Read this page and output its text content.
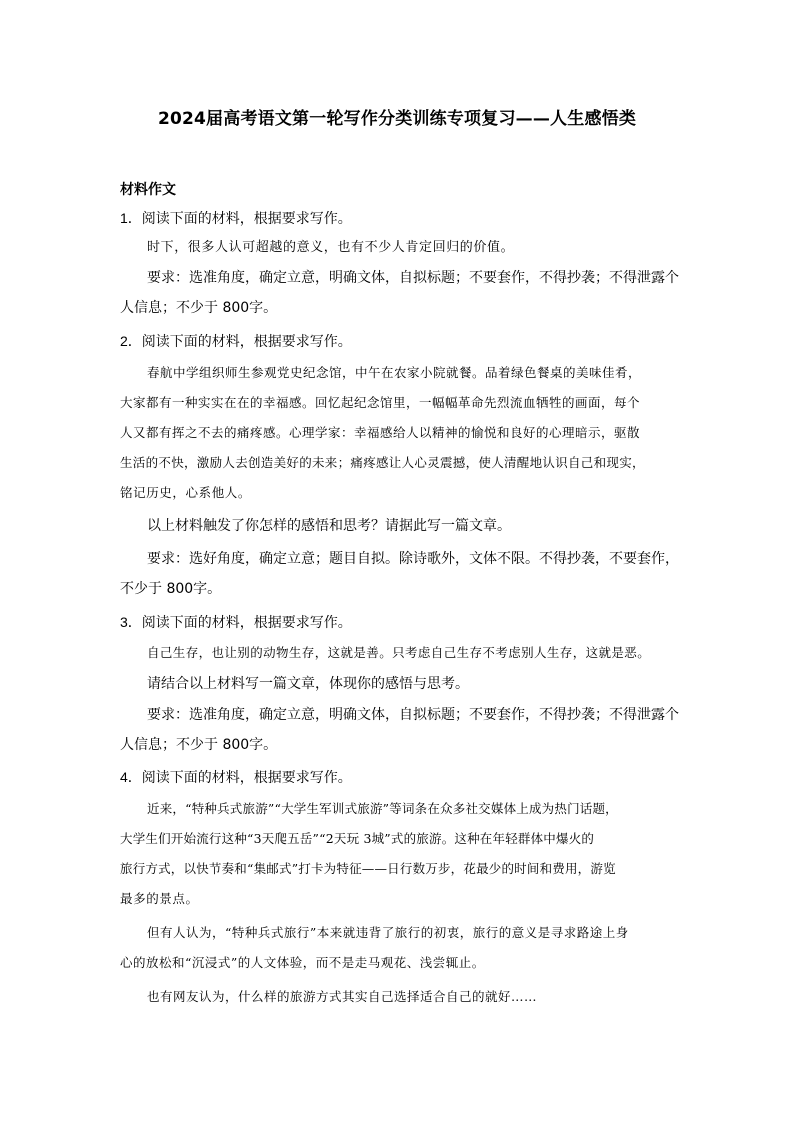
2024届高考语文第一轮写作分类训练专项复习——人生感悟类
材料作文
1．阅读下面的材料，根据要求写作。
时下，很多人认可超越的意义，也有不少人肯定回归的价值。
要求：选准角度，确定立意，明确文体，自拟标题；不要套作，不得抄袭；不得泄露个
人信息；不少于 800字。
2．阅读下面的材料，根据要求写作。
春航中学组织师生参观党史纪念馆，中午在农家小院就餐。品着绿色餐桌的美味佳肴，
大家都有一种实实在在的幸福感。回忆起纪念馆里，一幅幅革命先烈流血牺牲的画面，每个
人又都有挥之不去的痛疼感。心理学家：幸福感给人以精神的愉悦和良好的心理暗示，驱散
生活的不快，激励人去创造美好的未来；痛疼感让人心灵震撼，使人清醒地认识自己和现实，
铭记历史，心系他人。
以上材料触发了你怎样的感悟和思考？请据此写一篇文章。
要求：选好角度，确定立意；题目自拟。除诗歌外，文体不限。不得抄袭，不要套作，
不少于 800字。
3．阅读下面的材料，根据要求写作。
自己生存，也让别的动物生存，这就是善。只考虑自己生存不考虑别人生存，这就是恶。
请结合以上材料写一篇文章，体现你的感悟与思考。
要求：选准角度，确定立意，明确文体，自拟标题；不要套作，不得抄袭；不得泄露个
人信息；不少于 800字。
4．阅读下面的材料，根据要求写作。
近来，“特种兵式旅游”“大学生军训式旅游”等词条在众多社交媒体上成为热门话题，
大学生们开始流行这种“3天爬五岳”“2天玩 3城”式的旅游。这种在年轻群体中爆火的
旅行方式，以快节奏和“集邮式”打卡为特征——日行数万步，花最少的时间和费用，游览
最多的景点。
但有人认为，“特种兵式旅行”本来就违背了旅行的初衷，旅行的意义是寻求路途上身
心的放松和“沉浸式”的人文体验，而不是走马观花、浅尝辄止。
也有网友认为，什么样的旅游方式其实自己选择适合自己的就好……
